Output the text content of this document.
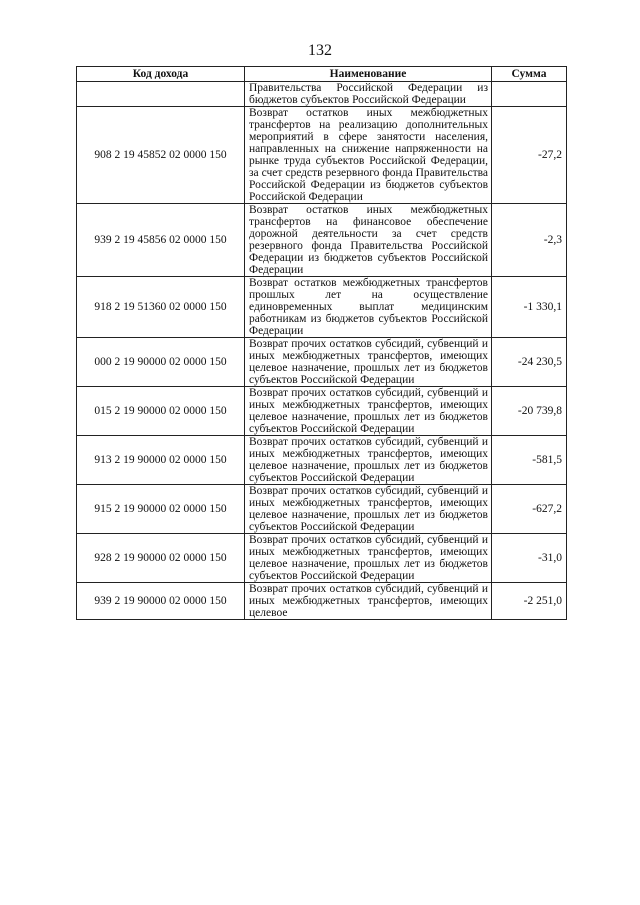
132
Код дохода	Наименование	Сумма
	Правительства Российской Федерации из бюджетов субъектов Российской Федерации	
908 2 19 45852 02 0000 150	Возврат остатков иных межбюджетных трансфертов на реализацию дополнительных мероприятий в сфере занятости населения, направленных на снижение напряженности на рынке труда субъектов Российской Федерации, за счет средств резервного фонда Правительства Российской Федерации из бюджетов субъектов Российской Федерации	-27,2
939 2 19 45856 02 0000 150	Возврат остатков иных межбюджетных трансфертов на финансовое обеспечение дорожной деятельности за счет средств резервного фонда Правительства Российской Федерации из бюджетов субъектов Российской Федерации	-2,3
918 2 19 51360 02 0000 150	Возврат остатков межбюджетных трансфертов прошлых лет на осуществление единовременных выплат медицинским работникам из бюджетов субъектов Российской Федерации	-1 330,1
000 2 19 90000 02 0000 150	Возврат прочих остатков субсидий, субвенций и иных межбюджетных трансфертов, имеющих целевое назначение, прошлых лет из бюджетов субъектов Российской Федерации	-24 230,5
015 2 19 90000 02 0000 150	Возврат прочих остатков субсидий, субвенций и иных межбюджетных трансфертов, имеющих целевое назначение, прошлых лет из бюджетов субъектов Российской Федерации	-20 739,8
913 2 19 90000 02 0000 150	Возврат прочих остатков субсидий, субвенций и иных межбюджетных трансфертов, имеющих целевое назначение, прошлых лет из бюджетов субъектов Российской Федерации	-581,5
915 2 19 90000 02 0000 150	Возврат прочих остатков субсидий, субвенций и иных межбюджетных трансфертов, имеющих целевое назначение, прошлых лет из бюджетов субъектов Российской Федерации	-627,2
928 2 19 90000 02 0000 150	Возврат прочих остатков субсидий, субвенций и иных межбюджетных трансфертов, имеющих целевое назначение, прошлых лет из бюджетов субъектов Российской Федерации	-31,0
939 2 19 90000 02 0000 150	Возврат прочих остатков субсидий, субвенций и иных межбюджетных трансфертов, имеющих целевое	-2 251,0
